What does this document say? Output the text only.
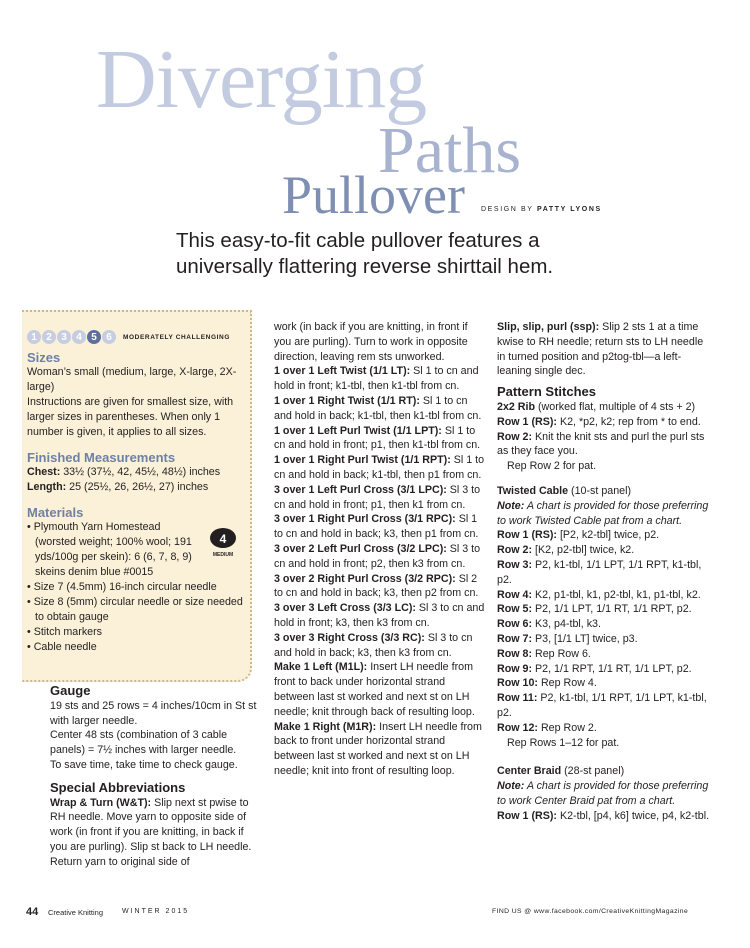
Diverging
Paths
Pullover DESIGN BY PATTY LYONS
This easy-to-fit cable pullover features a universally flattering reverse shirttail hem.
1 2 3 4 5 6	MODERATELY CHALLENGING
Sizes

Woman’s small (medium, large, X-large, 2X-large)

Instructions are given for smallest size, with larger sizes in parentheses. When only 1 number is given, it applies to all sizes.

Finished Measurements

Chest: 33½ (37½, 42, 45½, 48½) inches

Length: 25 (25½, 26, 26½, 27) inches

Materials
• Plymouth Yarn Homestead (worsted weight; 100% wool; 191 yds/100g per skein): 6 (6, 7, 8, 9) skeins denim blue #0015
• Size 7 (4.5mm) 16-inch circular needle
• Size 8 (5mm) circular needle or size needed to obtain gauge
• Stitch markers
• Cable needle
4
MEDIUM
Gauge

19 sts and 25 rows = 4 inches/10cm in St st with larger needle.

Center 48 sts (combination of 3 cable panels) = 7½ inches with larger needle.

To save time, take time to check gauge.

Special Abbreviations

Wrap & Turn (W&T): Slip next st pwise to RH needle. Move yarn to opposite side of work (in front if you are knitting, in back if you are purling). Slip st back to LH needle. Return yarn to original side of

work (in back if you are knitting, in front if you are purling). Turn to work in opposite direction, leaving rem sts unworked.

1 over 1 Left Twist (1/1 LT): Sl 1 to cn and hold in front; k1-tbl, then k1-tbl from cn.

1 over 1 Right Twist (1/1 RT): Sl 1 to cn and hold in back; k1-tbl, then k1-tbl from cn.

1 over 1 Left Purl Twist (1/1 LPT): Sl 1 to cn and hold in front; p1, then k1-tbl from cn.

1 over 1 Right Purl Twist (1/1 RPT): Sl 1 to cn and hold in back; k1-tbl, then p1 from cn.

3 over 1 Left Purl Cross (3/1 LPC): Sl 3 to cn and hold in front; p1, then k1 from cn.

3 over 1 Right Purl Cross (3/1 RPC): Sl 1 to cn and hold in back; k3, then p1 from cn.

3 over 2 Left Purl Cross (3/2 LPC): Sl 3 to cn and hold in front; p2, then k3 from cn.

3 over 2 Right Purl Cross (3/2 RPC): Sl 2 to cn and hold in back; k3, then p2 from cn.

3 over 3 Left Cross (3/3 LC): Sl 3 to cn and hold in front; k3, then k3 from cn.

3 over 3 Right Cross (3/3 RC): Sl 3 to cn and hold in back; k3, then k3 from cn.

Make 1 Left (M1L): Insert LH needle from front to back under horizontal strand between last st worked and next st on LH needle; knit through back of resulting loop.

Make 1 Right (M1R): Insert LH needle from back to front under horizontal strand between last st worked and next st on LH needle; knit into front of resulting loop.

Slip, slip, purl (ssp): Slip 2 sts 1 at a time kwise to RH needle; return sts to LH needle in turned position and p2tog-tbl—a left-leaning single dec.

Pattern Stitches

2x2 Rib (worked flat, multiple of 4 sts + 2)

Row 1 (RS): K2, *p2, k2; rep from * to end.

Row 2: Knit the knit sts and purl the purl sts as they face you.

Rep Row 2 for pat.

Twisted Cable (10-st panel)

Note: A chart is provided for those preferring to work Twisted Cable pat from a chart.

Row 1 (RS): [P2, k2-tbl] twice, p2.

Row 2: [K2, p2-tbl] twice, k2.

Row 3: P2, k1-tbl, 1/1 LPT, 1/1 RPT, k1-tbl, p2.

Row 4: K2, p1-tbl, k1, p2-tbl, k1, p1-tbl, k2.

Row 5: P2, 1/1 LPT, 1/1 RT, 1/1 RPT, p2.

Row 6: K3, p4-tbl, k3.

Row 7: P3, [1/1 LT] twice, p3.

Row 8: Rep Row 6.

Row 9: P2, 1/1 RPT, 1/1 RT, 1/1 LPT, p2.

Row 10: Rep Row 4.

Row 11: P2, k1-tbl, 1/1 RPT, 1/1 LPT, k1-tbl, p2.

Row 12: Rep Row 2.

Rep Rows 1–12 for pat.

Center Braid (28-st panel)

Note: A chart is provided for those preferring to work Center Braid pat from a chart.

Row 1 (RS): K2-tbl, [p4, k6] twice, p4, k2-tbl.

44 Creative Knitting	WINTER 2015	FIND US @ www.facebook.com/CreativeKnittingMagazine
